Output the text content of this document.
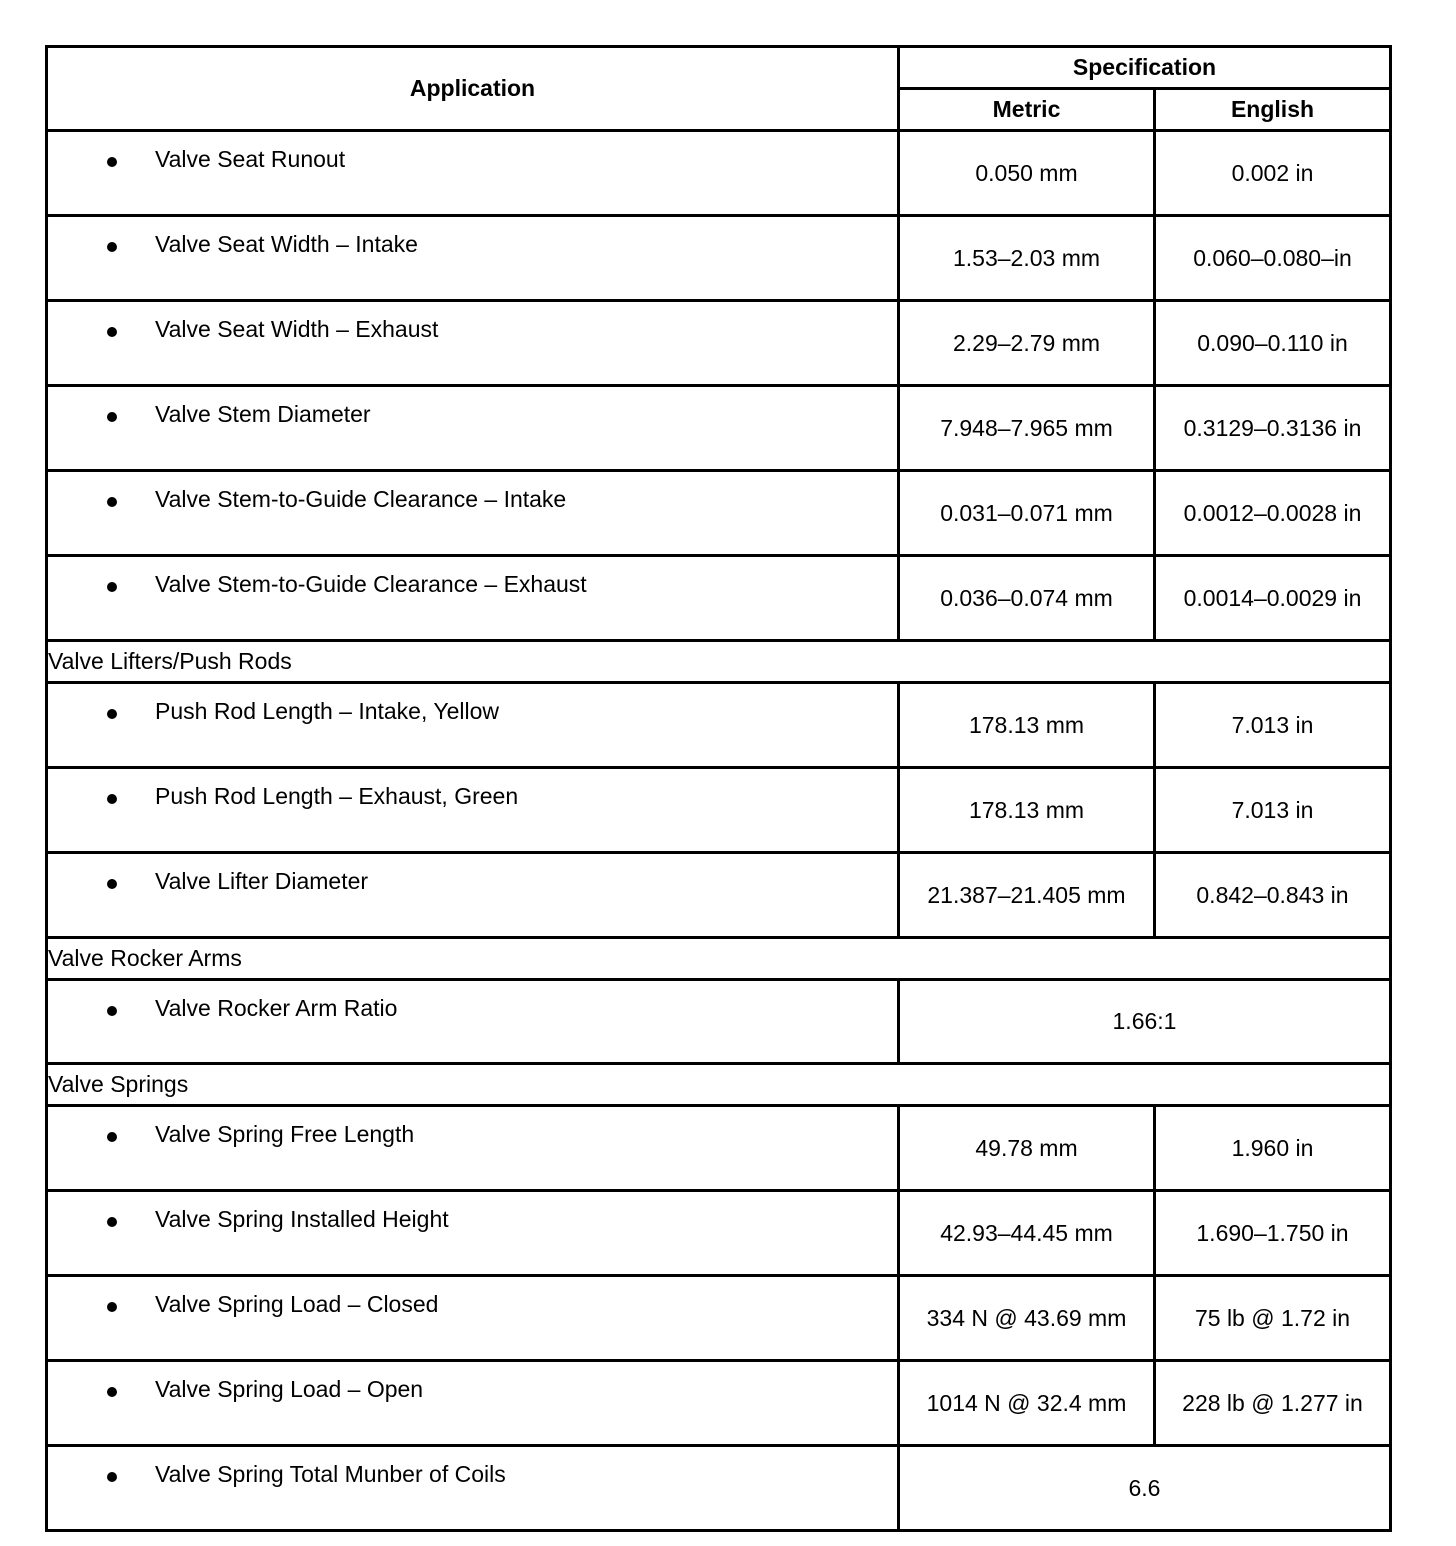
Application	Specification	
	Metric	English

Valve Seat Runout	0.050 mm	0.002 in

Valve Seat Width – Intake	1.53–2.03 mm	0.060–0.080–in

Valve Seat Width – Exhaust	2.29–2.79 mm	0.090–0.110 in

Valve Stem Diameter	7.948–7.965 mm	0.3129–0.3136 in

Valve Stem-to-Guide Clearance – Intake	0.031–0.071 mm	0.0012–0.0028 in

Valve Stem-to-Guide Clearance – Exhaust	0.036–0.074 mm	0.0014–0.0029 in
Valve Lifters/Push Rods		

Push Rod Length – Intake, Yellow	178.13 mm	7.013 in

Push Rod Length – Exhaust, Green	178.13 mm	7.013 in

Valve Lifter Diameter	21.387–21.405 mm	0.842–0.843 in
Valve Rocker Arms		

Valve Rocker Arm Ratio	1.66:1	
Valve Springs		

Valve Spring Free Length	49.78 mm	1.960 in

Valve Spring Installed Height	42.93–44.45 mm	1.690–1.750 in

Valve Spring Load – Closed	334 N @ 43.69 mm	75 lb @ 1.72 in

Valve Spring Load – Open	1014 N @ 32.4 mm	228 lb @ 1.277 in

Valve Spring Total Munber of Coils	6.6	
